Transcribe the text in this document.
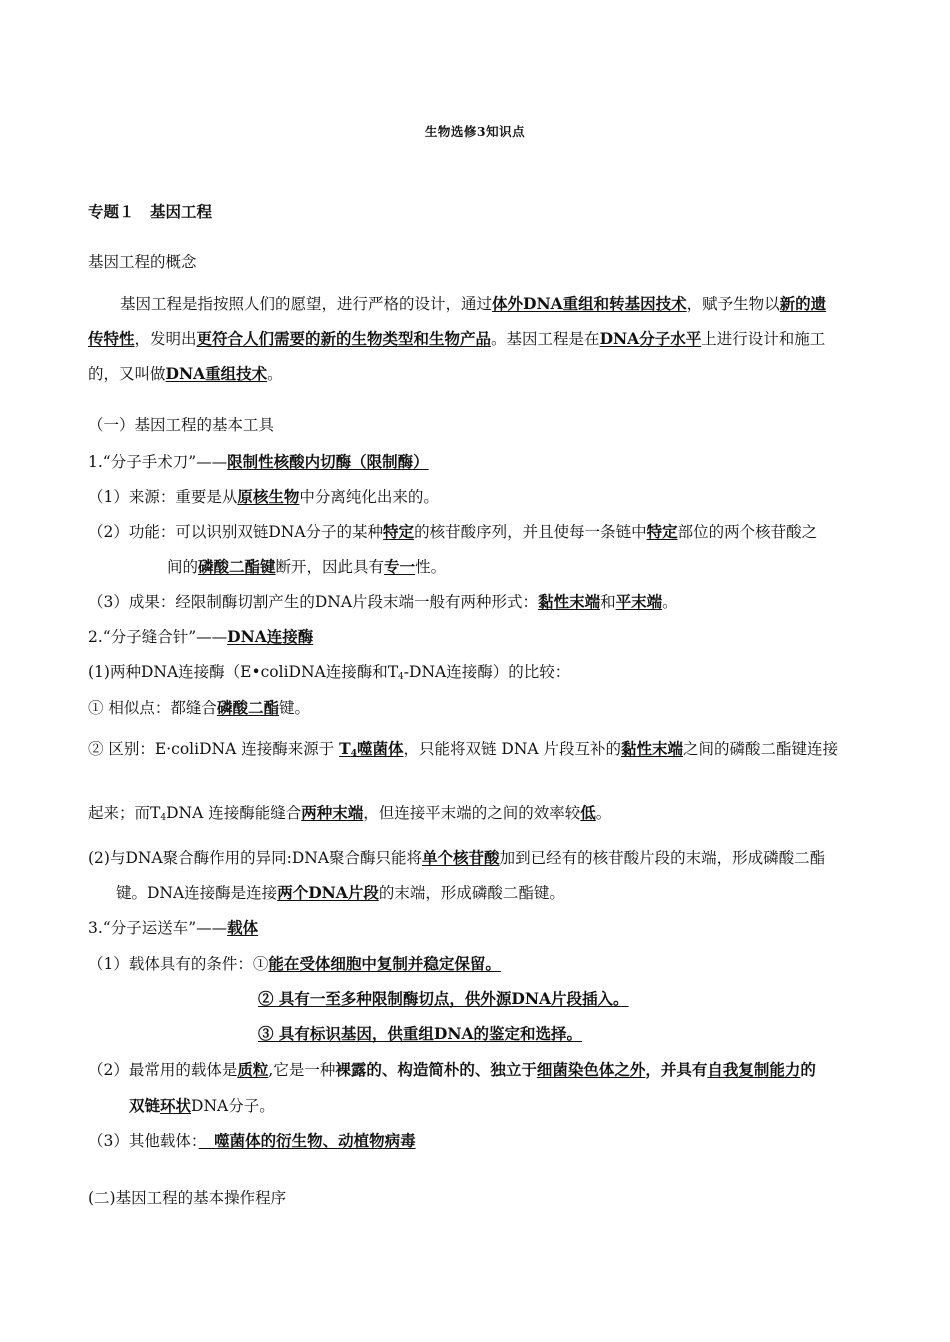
生物选修3知识点
专题１　基因工程
基因工程的概念
基因工程是指按照人们的愿望，进行严格的设计，通过体外DNA重组和转基因技术，赋予生物以新的遗
传特性，发明出更符合人们需要的新的生物类型和生物产品。基因工程是在DNA分子水平上进行设计和施工
的，又叫做DNA重组技术。
（一）基因工程的基本工具
1.“分子手术刀”——限制性核酸内切酶（限制酶）
（1）来源：重要是从原核生物中分离纯化出来的。
（2）功能：可以识别双链DNA分子的某种特定的核苷酸序列，并且使每一条链中特定部位的两个核苷酸之
间的磷酸二酯键断开，因此具有专一性。
（3）成果：经限制酶切割产生的DNA片段末端一般有两种形式：黏性末端和平末端。
2.“分子缝合针”——DNA连接酶
(1)两种DNA连接酶（E•coliDNA连接酶和$T_4$-DNA连接酶）的比较：
① 相似点：都缝合磷酸二酯键。
② 区别：E·coliDNA 连接酶来源于 $T_4$噬菌体，只能将双链 DNA 片段互补的黏性末端之间的磷酸二酯键连接
起来；而$T_4DNA$ 连接酶能缝合两种末端，但连接平末端的之间的效率较低。
(2)与DNA聚合酶作用的异同:DNA聚合酶只能将单个核苷酸加到已经有的核苷酸片段的末端，形成磷酸二酯
键。DNA连接酶是连接两个DNA片段的末端，形成磷酸二酯键。
3.“分子运送车”——载体
（1）载体具有的条件：①能在受体细胞中复制并稳定保留。
② 具有一至多种限制酶切点，供外源DNA片段插入。
③ 具有标识基因，供重组DNA的鉴定和选择。
（2）最常用的载体是质粒,它是一种裸露的、构造简朴的、独立于细菌染色体之外，并具有自我复制能力的
双链环状DNA分子。
（3）其他载体：　噬菌体的衍生物、动植物病毒
(二)基因工程的基本操作程序
